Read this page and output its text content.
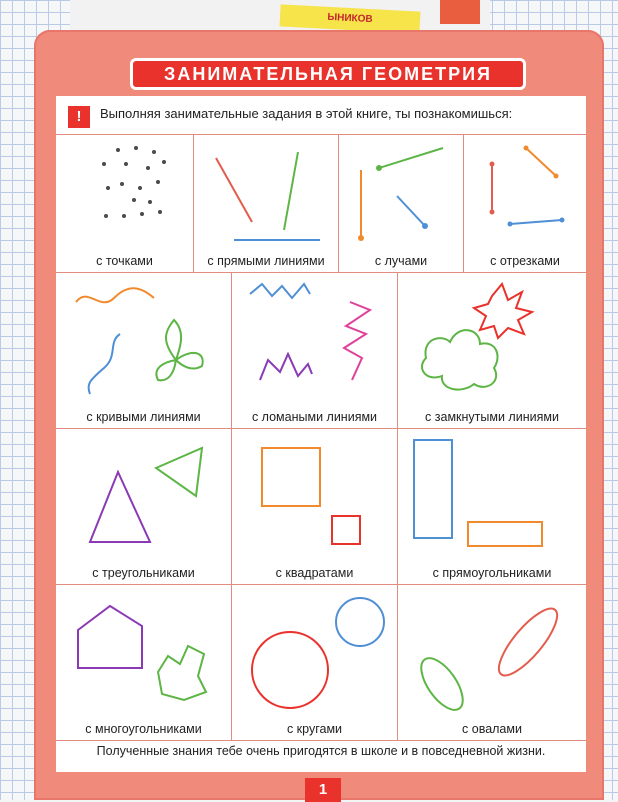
ЫНИКОВ
ЗАНИМАТЕЛЬНАЯ ГЕОМЕТРИЯ
!	Выполняя занимательные задания в этой книге, ты познакомишься:
с точками	с прямыми линиями	с лучами	с отрезками
с кривыми линиями	с ломаными линиями	с замкнутыми линиями
с треугольниками	с квадратами	с прямоугольниками
с многоугольниками	с кругами	с овалами
Полученные знания тебе очень пригодятся в школе и в повседневной жизни.
1
